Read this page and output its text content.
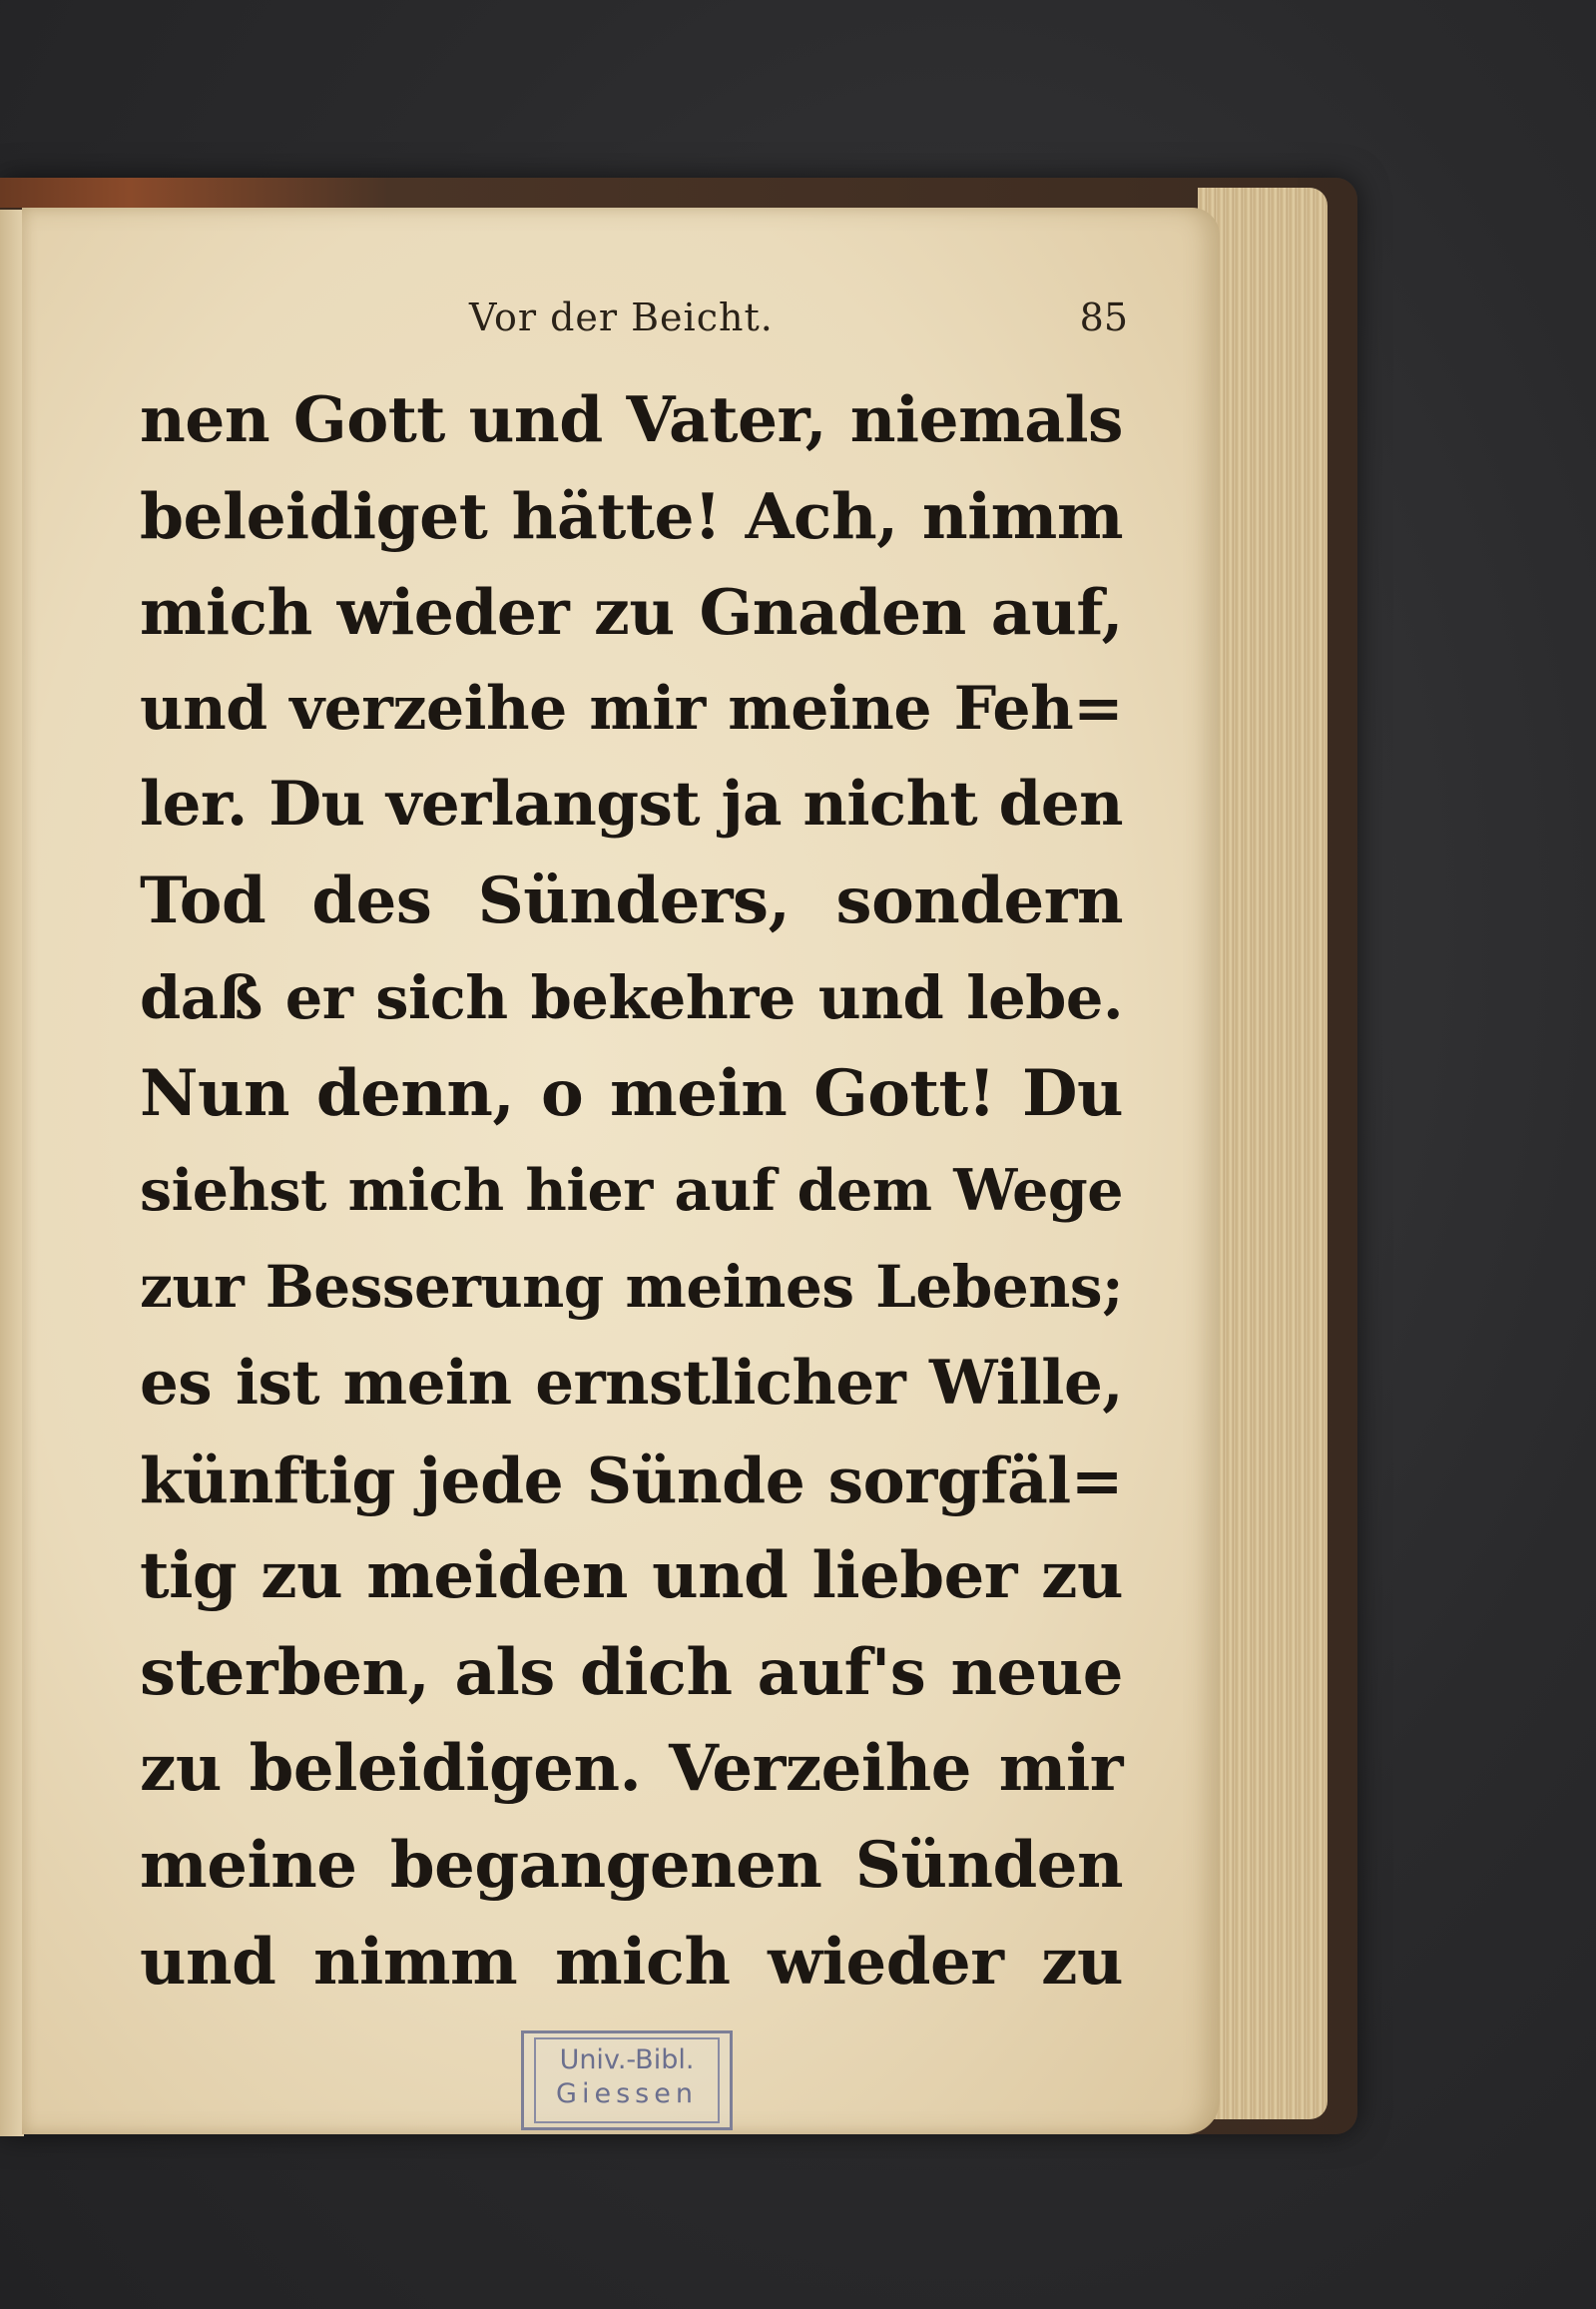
Vor der Beicht.	85
nen Gott und Vater, niemals
beleidiget hätte! Ach, nimm
mich wieder zu Gnaden auf,
und verzeihe mir meine Feh=
ler. Du verlangst ja nicht den
Tod des Sünders, sondern
daß er sich bekehre und lebe.
Nun denn, o mein Gott! Du
siehst mich hier auf dem Wege
zur Besserung meines Lebens;
es ist mein ernstlicher Wille,
künftig jede Sünde sorgfäl=
tig zu meiden und lieber zu
sterben, als dich auf's neue
zu beleidigen. Verzeihe mir
meine begangenen Sünden
und nimm mich wieder zu
Univ.-Bibl.
Giessen
